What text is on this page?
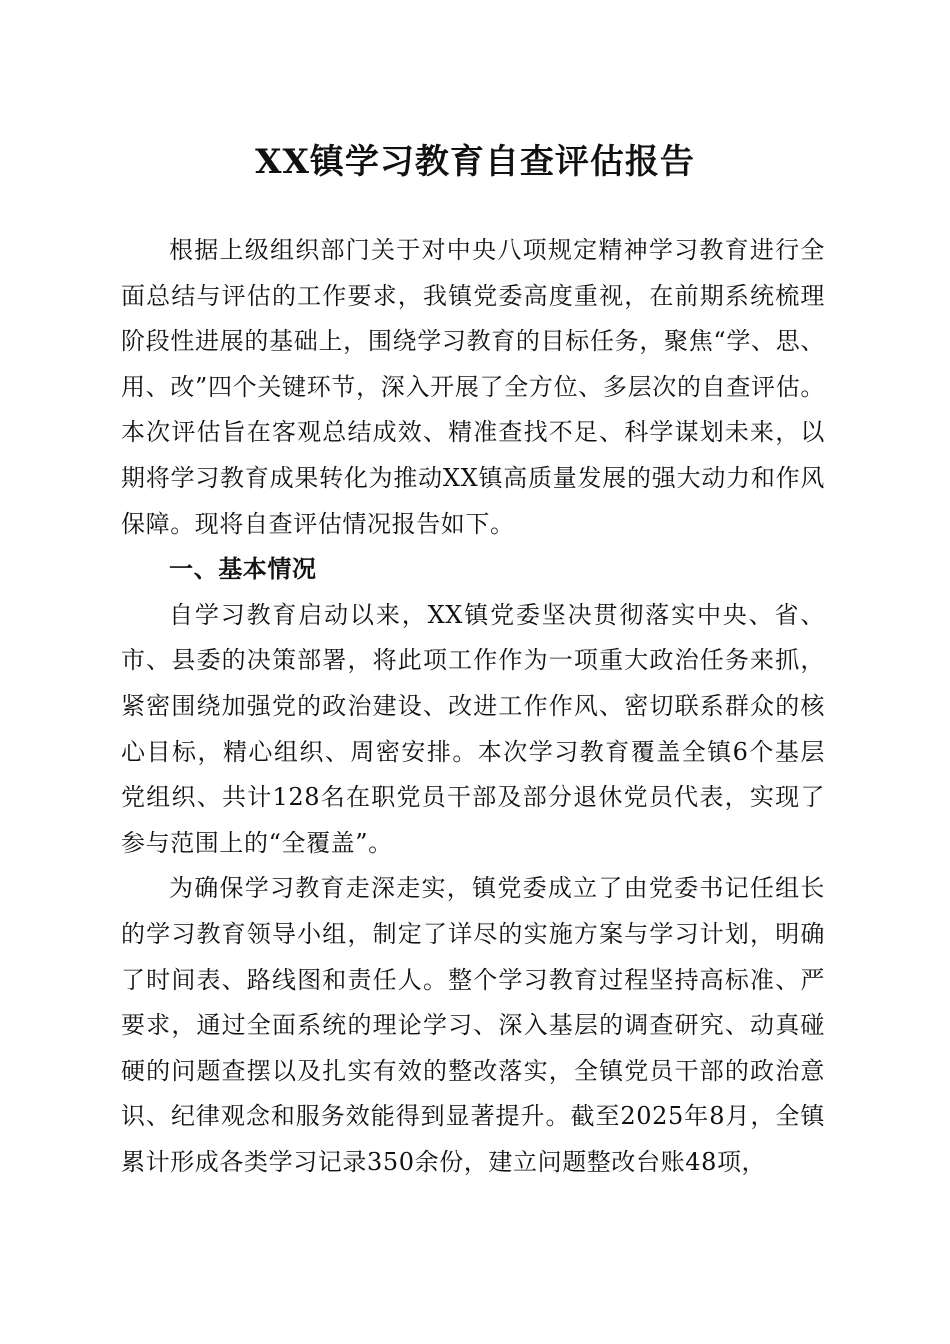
XX镇学习教育自查评估报告

根据上级组织部门关于对中央八项规定精神学习教育进行全面总结与评估的工作要求，我镇党委高度重视，在前期系统梳理阶段性进展的基础上，围绕学习教育的目标任务，聚焦“学、思、用、改”四个关键环节，深入开展了全方位、多层次的自查评估。本次评估旨在客观总结成效、精准查找不足、科学谋划未来，以期将学习教育成果转化为推动XX镇高质量发展的强大动力和作风保障。现将自查评估情况报告如下。

一、基本情况

自学习教育启动以来，XX镇党委坚决贯彻落实中央、省、市、县委的决策部署，将此项工作作为一项重大政治任务来抓，紧密围绕加强党的政治建设、改进工作作风、密切联系群众的核心目标，精心组织、周密安排。本次学习教育覆盖全镇6个基层党组织、共计128名在职党员干部及部分退休党员代表，实现了参与范围上的“全覆盖”。

为确保学习教育走深走实，镇党委成立了由党委书记任组长的学习教育领导小组，制定了详尽的实施方案与学习计划，明确了时间表、路线图和责任人。整个学习教育过程坚持高标准、严要求，通过全面系统的理论学习、深入基层的调查研究、动真碰硬的问题查摆以及扎实有效的整改落实，全镇党员干部的政治意识、纪律观念和服务效能得到显著提升。截至2025年8月，全镇累计形成各类学习记录350余份，建立问题整改台账48项，
